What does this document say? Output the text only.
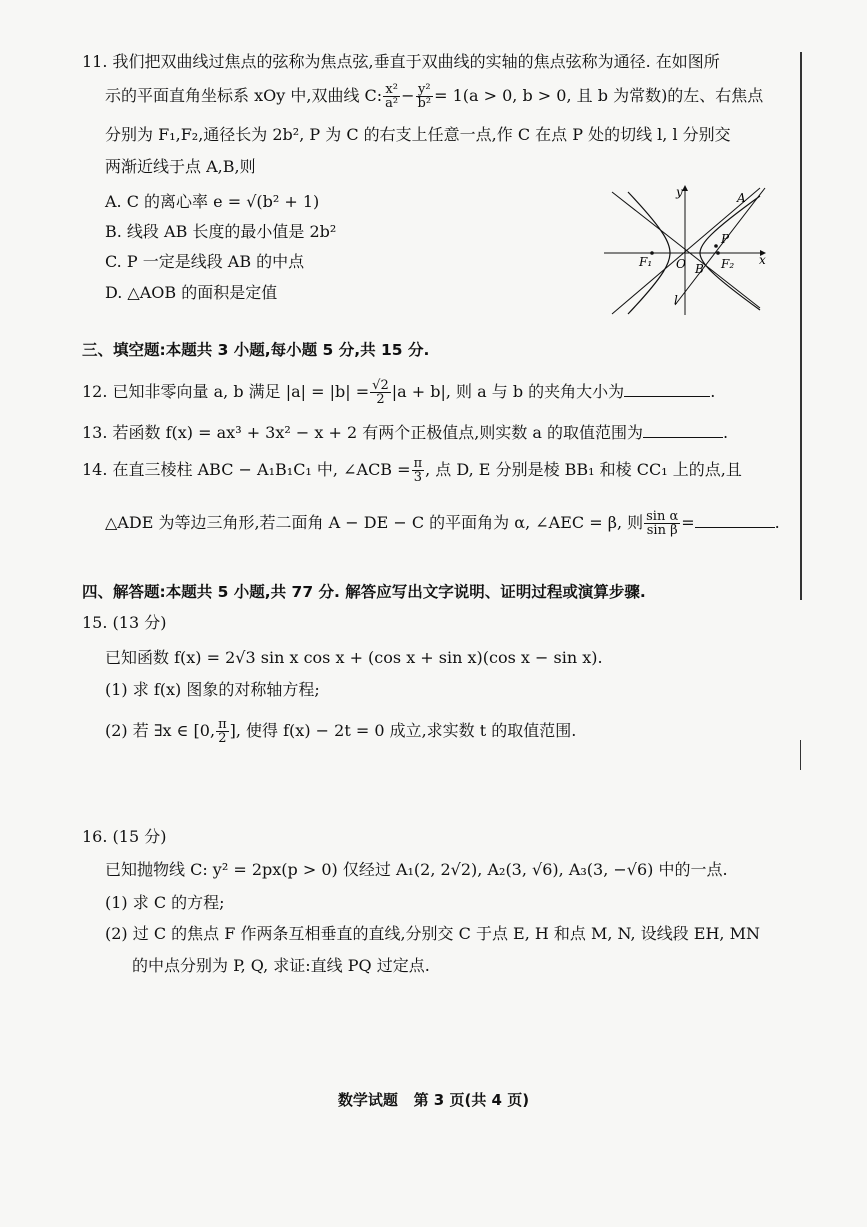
11. 我们把双曲线过焦点的弦称为焦点弦,垂直于双曲线的实轴的焦点弦称为通径. 在如图所
示的平面直角坐标系 xOy 中,双曲线 C: $\frac{\text{x²}}{\text{a²}} - \frac{\text{y²}}{\text{b²}} = 1(a > 0$, b > 0, 且 b 为常数)的左、右焦点
分别为 F₁,F₂,通径长为 2b², P 为 C 的右支上任意一点,作 C 在点 P 处的切线 l, l 分别交
两渐近线于点 A,B,则
A. C 的离心率 e = √(b² + 1)
B. 线段 AB 长度的最小值是 2b²
C. P 一定是线段 AB 的中点
D. △AOB 的面积是定值
y
x
O
F₁	F₂
A
B
P
l
三、填空题:本题共 3 小题,每小题 5 分,共 15 分.
12. 已知非零向量 a, b 满足 $|a| = |b| = \frac{√2}{2} |a + b|$, 则 a 与 b 的夹角大小为	.
13. 若函数 f(x) = ax³ + 3x² − x + 2 有两个正极值点,则实数 a 的取值范围为	.
14. 在直三棱柱 ABC − A₁B₁C₁ 中, ∠ACB = $\frac{\pi}{3}$ , 点 D, E 分别是棱 BB₁ 和棱 CC₁ 上的点,且
△ADE 为等边三角形,若二面角 A − DE − C 的平面角为 α, ∠AEC = β, 则 $\frac{\text{sin α}}{\text{sin β}}$ =	.
四、解答题:本题共 5 小题,共 77 分. 解答应写出文字说明、证明过程或演算步骤.
15. (13 分)
已知函数 f(x) = 2√3 sin x cos x + (cos x + sin x)(cos x − sin x).
(1) 求 f(x) 图象的对称轴方程;
(2) 若 ∃x ∈ [0, $\frac{\pi}{2}$ ], 使得 f(x) − 2t = 0 成立,求实数 t 的取值范围.
16. (15 分)
已知抛物线 C: y² = 2px(p > 0) 仅经过 A₁(2, 2√2), A₂(3, √6), A₃(3, −√6) 中的一点.
(1) 求 C 的方程;
(2) 过 C 的焦点 F 作两条互相垂直的直线,分别交 C 于点 E, H 和点 M, N, 设线段 EH, MN
的中点分别为 P, Q, 求证:直线 PQ 过定点.
数学试题   第 3 页(共 4 页)
